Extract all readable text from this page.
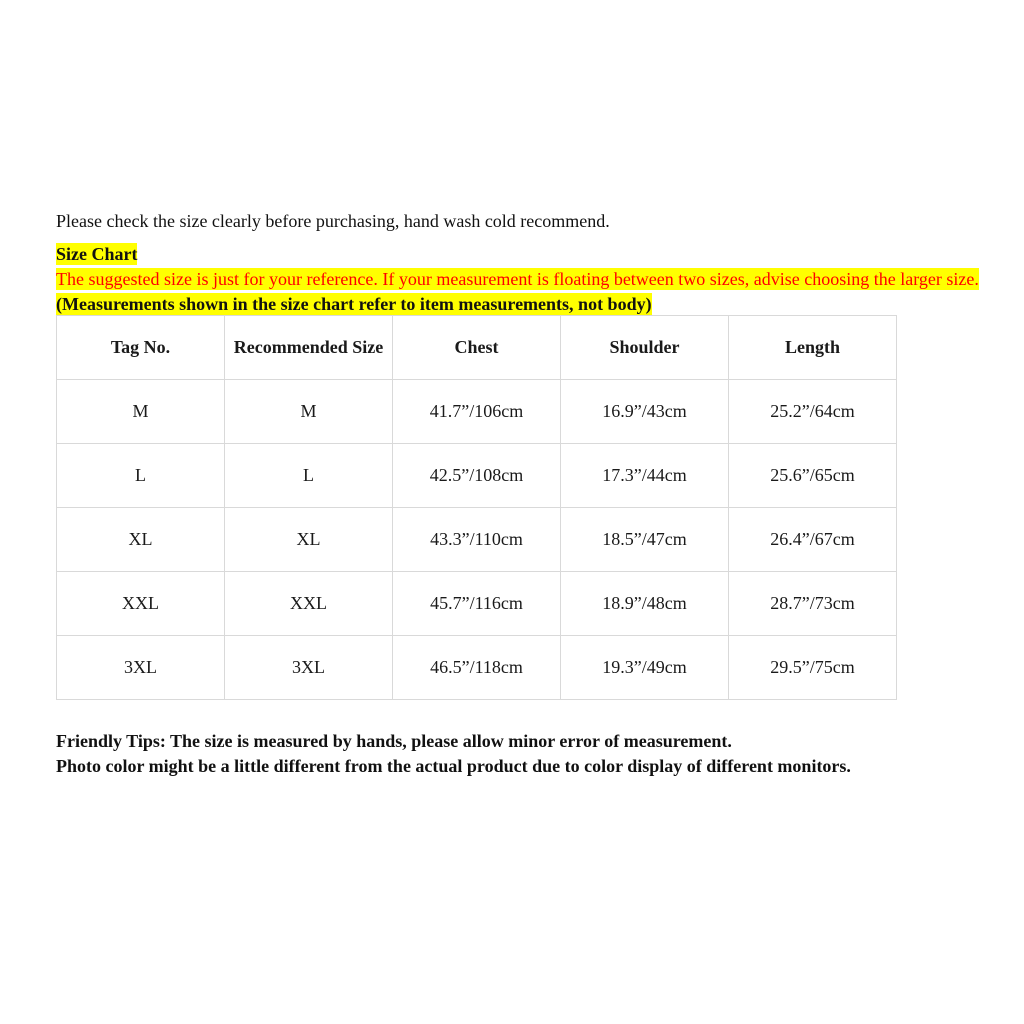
Please check the size clearly before purchasing, hand wash cold recommend.
Size Chart
The suggested size is just for your reference. If your measurement is floating between two sizes, advise choosing the larger size.
(Measurements shown in the size chart refer to item measurements, not body)
Tag No.	Recommended Size	Chest	Shoulder	Length
M	M	41.7”/106cm	16.9”/43cm	25.2”/64cm
L	L	42.5”/108cm	17.3”/44cm	25.6”/65cm
XL	XL	43.3”/110cm	18.5”/47cm	26.4”/67cm
XXL	XXL	45.7”/116cm	18.9”/48cm	28.7”/73cm
3XL	3XL	46.5”/118cm	19.3”/49cm	29.5”/75cm
Friendly Tips: The size is measured by hands, please allow minor error of measurement.
Photo color might be a little different from the actual product due to color display of different monitors.
